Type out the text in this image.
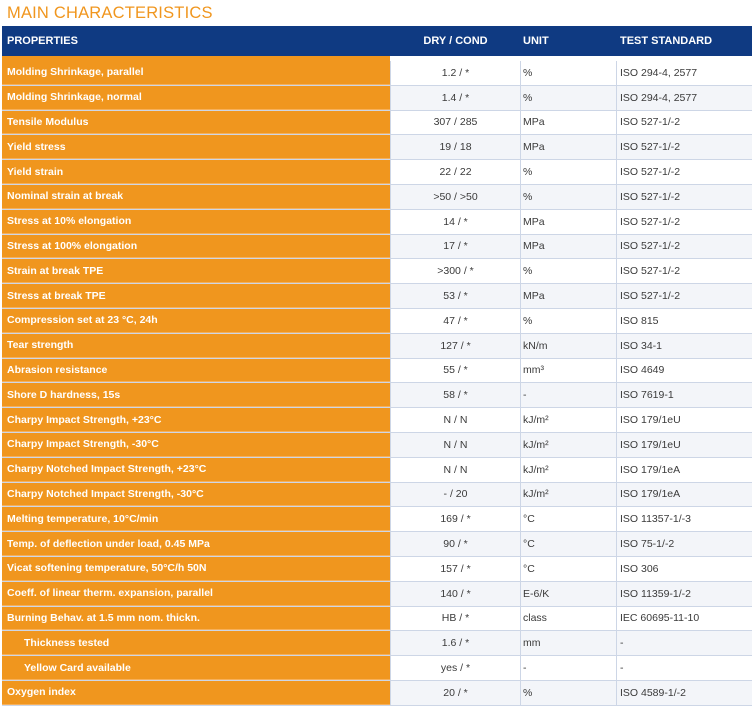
MAIN CHARACTERISTICS
PROPERTIES	DRY / COND	UNIT	TEST STANDARD
Molding Shrinkage, parallel	1.2 / *	%	ISO 294-4, 2577
Molding Shrinkage, normal	1.4 / *	%	ISO 294-4, 2577
Tensile Modulus	307 / 285	MPa	ISO 527-1/-2
Yield stress	19 / 18	MPa	ISO 527-1/-2
Yield strain	22 / 22	%	ISO 527-1/-2
Nominal strain at break	>50 / >50	%	ISO 527-1/-2
Stress at 10% elongation	14 / *	MPa	ISO 527-1/-2
Stress at 100% elongation	17 / *	MPa	ISO 527-1/-2
Strain at break TPE	>300 / *	%	ISO 527-1/-2
Stress at break TPE	53 / *	MPa	ISO 527-1/-2
Compression set at 23 °C, 24h	47 / *	%	ISO 815
Tear strength	127 / *	kN/m	ISO 34-1
Abrasion resistance	55 / *	mm³	ISO 4649
Shore D hardness, 15s	58 / *	-	ISO 7619-1
Charpy Impact Strength, +23°C	N / N	kJ/m²	ISO 179/1eU
Charpy Impact Strength, -30°C	N / N	kJ/m²	ISO 179/1eU
Charpy Notched Impact Strength, +23°C	N / N	kJ/m²	ISO 179/1eA
Charpy Notched Impact Strength, -30°C	- / 20	kJ/m²	ISO 179/1eA
Melting temperature, 10°C/min	169 / *	°C	ISO 11357-1/-3
Temp. of deflection under load, 0.45 MPa	90 / *	°C	ISO 75-1/-2
Vicat softening temperature, 50°C/h 50N	157 / *	°C	ISO 306
Coeff. of linear therm. expansion, parallel	140 / *	E-6/K	ISO 11359-1/-2
Burning Behav. at 1.5 mm nom. thickn.	HB / *	class	IEC 60695-11-10
Thickness tested	1.6 / *	mm	-
Yellow Card available	yes / *	-	-
Oxygen index	20 / *	%	ISO 4589-1/-2
